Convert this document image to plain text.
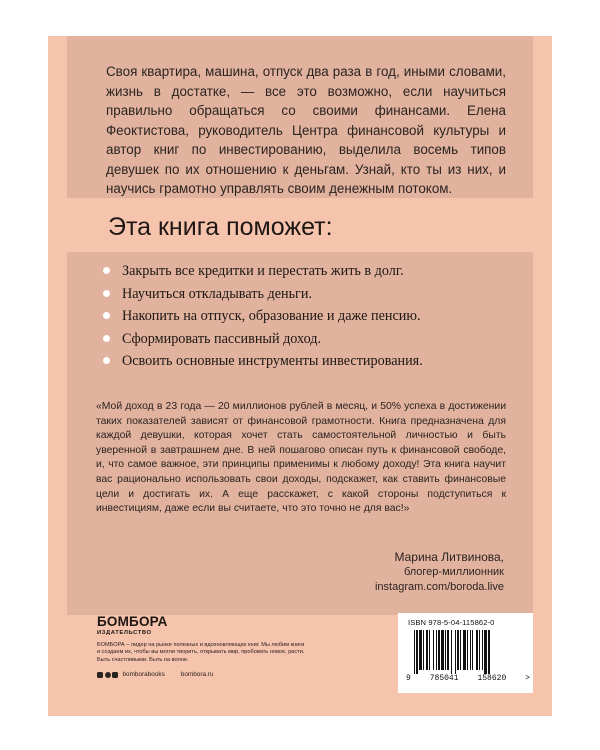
Своя квартира, машина, отпуск два раза в год, иными словами, жизнь в достатке, — все это возможно, если научиться правильно обращаться со своими финансами. Елена Феоктистова, руководитель Центра финансовой культуры и автор книг по инвестированию, выделила восемь типов девушек по их отношению к деньгам. Узнай, кто ты из них, и научись грамотно управлять своим денежным потоком.

Эта книга поможет:
Закрыть все кредитки и перестать жить в долг.
Научиться откладывать деньги.
Накопить на отпуск, образование и даже пенсию.
Сформировать пассивный доход.
Освоить основные инструменты инвестирования.

«Мой доход в 23 года — 20 миллионов рублей в месяц, и 50% успеха в достижении таких показателей зависят от финансовой грамотности. Книга предназначена для каждой девушки, которая хочет стать самостоятельной личностью и быть уверенной в завтрашнем дне. В ней пошагово описан путь к финансовой свободе, и, что самое важное, эти принципы применимы к любому доходу! Эта книга научит вас рационально использовать свои доходы, подскажет, как ставить финансовые цели и достигать их. А еще расскажет, с какой стороны подступиться к инвестициям, даже если вы считаете, что это точно не для вас!»

Марина Литвинова,
блогер-миллионник
instagram.com/boroda.live
БОМБОРА
ИЗДАТЕЛЬСТВО

БОМБОРА – лидер на рынке полезных и вдохновляющих книг. Мы любим книги и создаем их, чтобы вы могли творить, открывать мир, пробовать новое, расти. Быть счастливыми. Быть на волне.

bomborabooks	bombora.ru
ISBN 978-5-04-115862-0
9 785041 158620 >
